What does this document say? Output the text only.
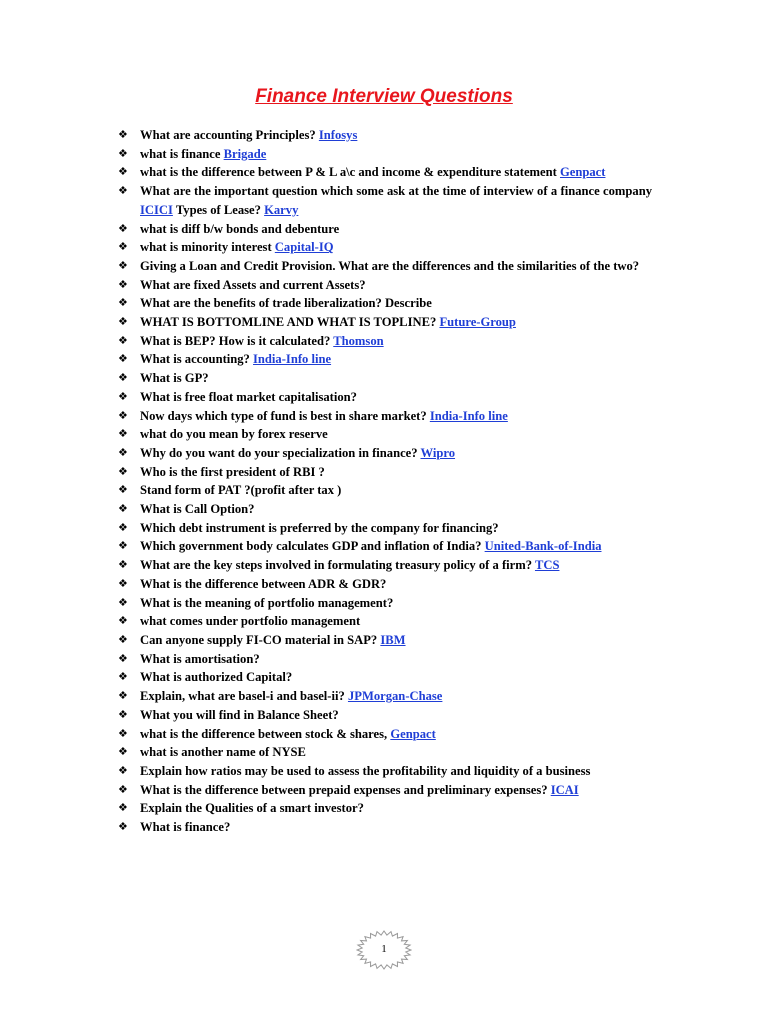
Finance Interview Questions
❖ What are accounting Principles? Infosys
❖ what is finance Brigade
❖ what is the difference between P & L a\c and income & expenditure statement Genpact
❖ What are the important question which some ask at the time of interview of a finance company ICICI Types of Lease? Karvy
❖ what is diff b/w bonds and debenture
❖ what is minority interest Capital-IQ
❖ Giving a Loan and Credit Provision. What are the differences and the similarities of the two?
❖ What are fixed Assets and current Assets?
❖ What are the benefits of trade liberalization? Describe
❖ WHAT IS BOTTOMLINE AND WHAT IS TOPLINE? Future-Group
❖ What is BEP? How is it calculated? Thomson
❖ What is accounting? India-Info line
❖ What is GP?
❖ What is free float market capitalisation?
❖ Now days which type of fund is best in share market? India-Info line
❖ what do you mean by forex reserve
❖ Why do you want do your specialization in finance? Wipro
❖ Who is the first president of RBI ?
❖ Stand form of PAT ?(profit after tax )
❖ What is Call Option?
❖ Which debt instrument is preferred by the company for financing?
❖ Which government body calculates GDP and inflation of India? United-Bank-of-India
❖ What are the key steps involved in formulating treasury policy of a firm? TCS
❖ What is the difference between ADR & GDR?
❖ What is the meaning of portfolio management?
❖ what comes under portfolio management
❖ Can anyone supply FI-CO material in SAP? IBM
❖ What is amortisation?
❖ What is authorized Capital?
❖ Explain, what are basel-i and basel-ii? JPMorgan-Chase
❖ What you will find in Balance Sheet?
❖ what is the difference between stock & shares, Genpact
❖ what is another name of NYSE
❖ Explain how ratios may be used to assess the profitability and liquidity of a business
❖ What is the difference between prepaid expenses and preliminary expenses? ICAI
❖ Explain the Qualities of a smart investor?
❖ What is finance?
1
